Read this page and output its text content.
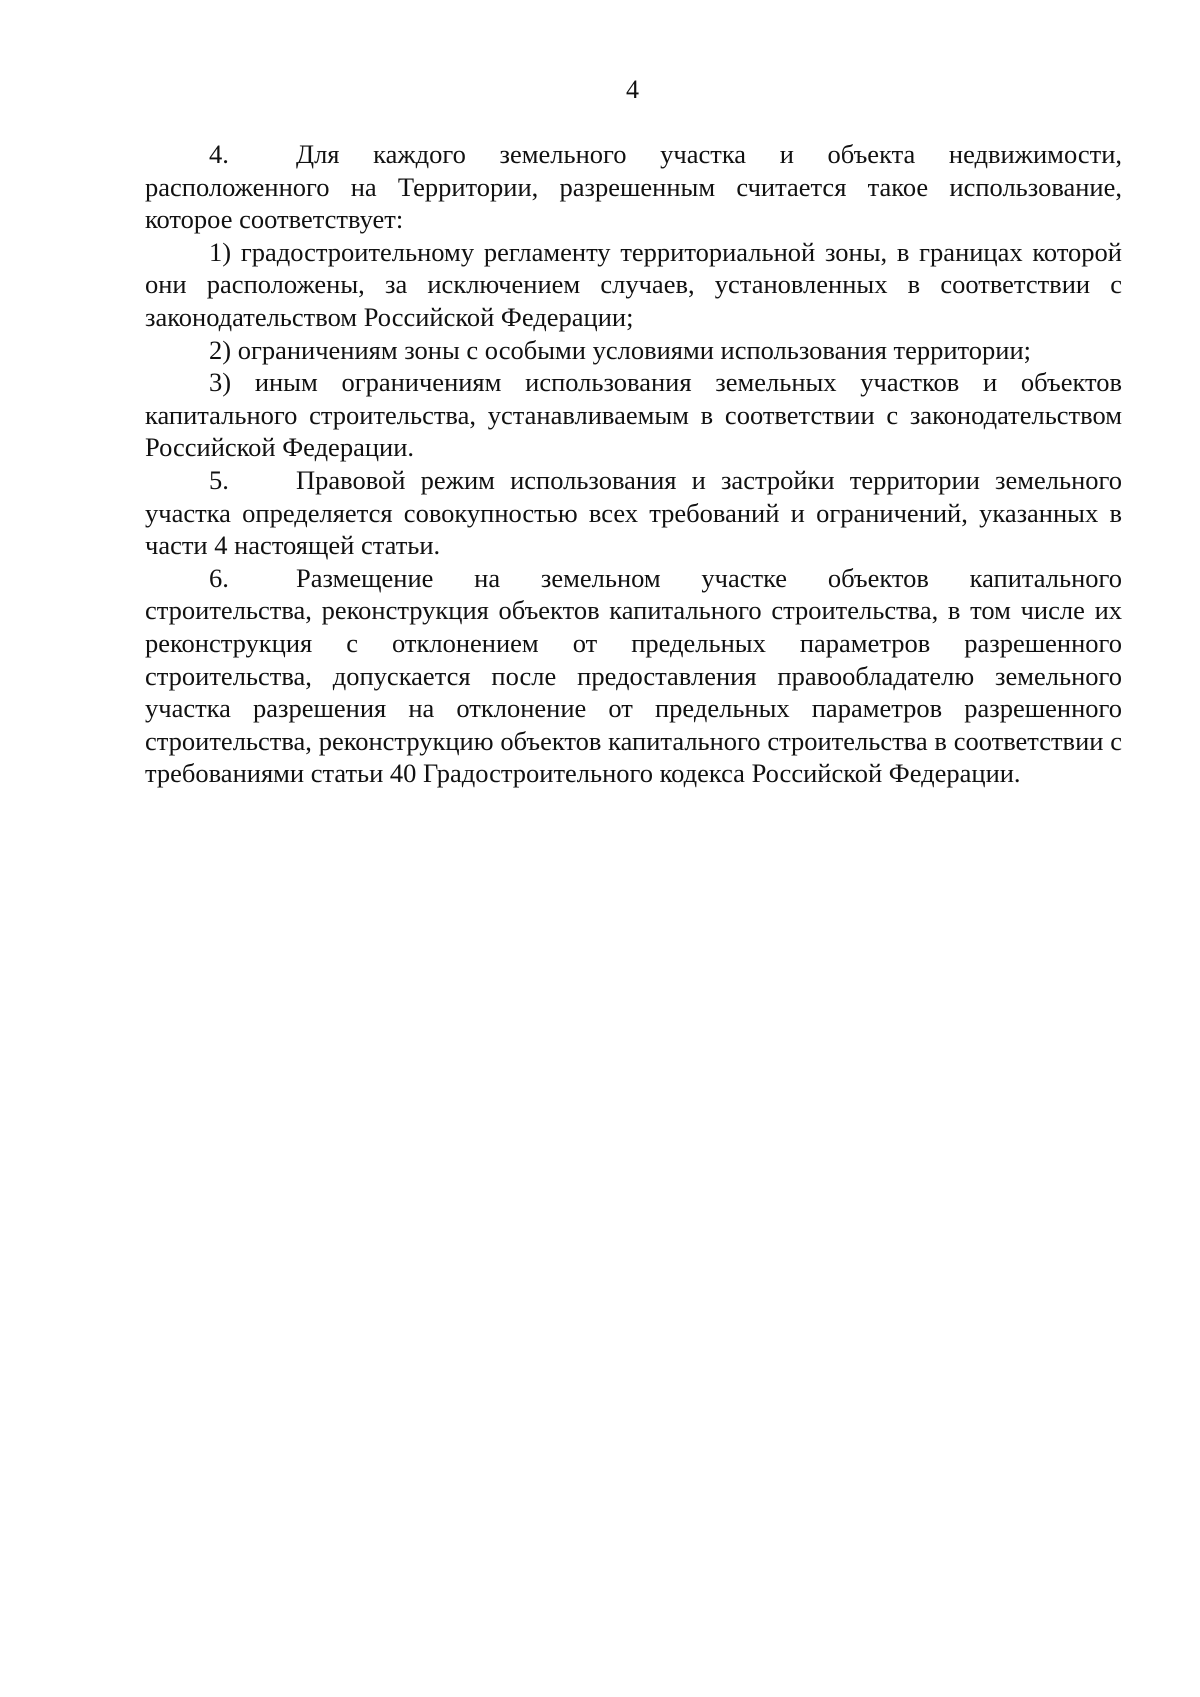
4

4.	Для каждого земельного участка и объекта недвижимости, расположенного на Территории, разрешенным считается такое использование, которое соответствует:

1) градостроительному регламенту территориальной зоны, в границах которой они расположены, за исключением случаев, установленных в соответствии с законодательством Российской Федерации;

2) ограничениям зоны с особыми условиями использования территории;

3) иным ограничениям использования земельных участков и объектов капитального строительства, устанавливаемым в соответствии с законодательством Российской Федерации.

5.	Правовой режим использования и застройки территории земельного участка определяется совокупностью всех требований и ограничений, указанных в части 4 настоящей статьи.

6.	Размещение на земельном участке объектов капитального строительства, реконструкция объектов капитального строительства, в том числе их реконструкция с отклонением от предельных параметров разрешенного строительства, допускается после предоставления правообладателю земельного участка разрешения на отклонение от предельных параметров разрешенного строительства, реконструкцию объектов капитального строительства в соответствии с требованиями статьи 40 Градостроительного кодекса Российской Федерации.
